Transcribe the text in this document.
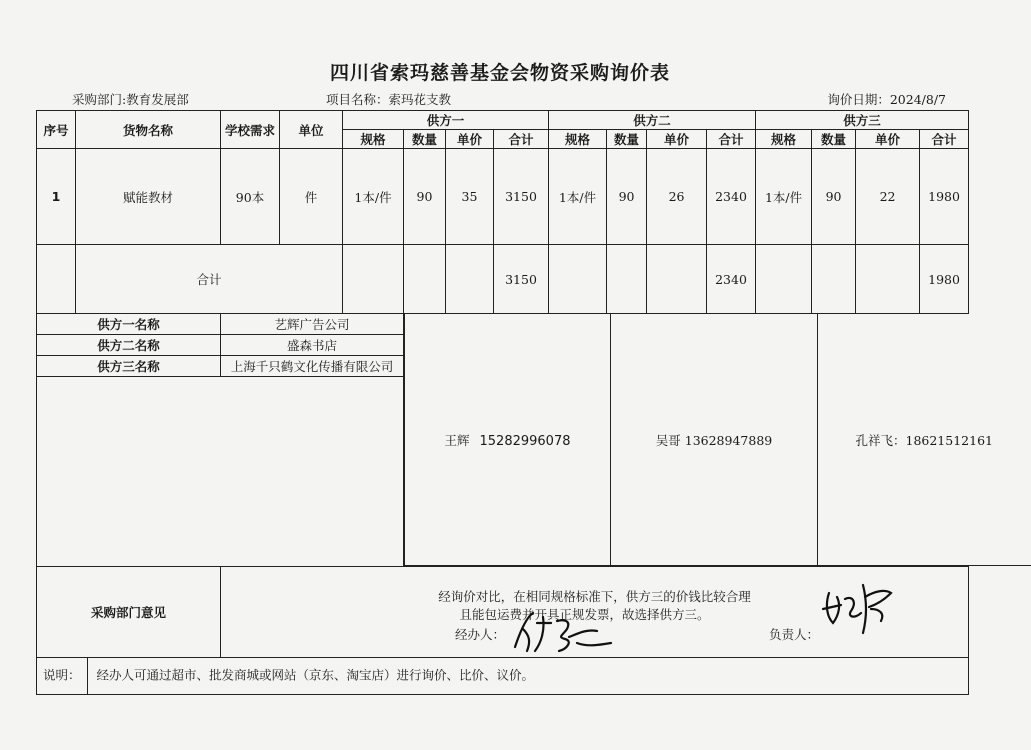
四川省索玛慈善基金会物资采购询价表
采购部门:教育发展部	项目名称：索玛花支教	询价日期：2024/8/7
序号	货物名称	学校需求	单位	供方一	供方二	供方三
规格	数量	单价	合计	规格	数量	单价	合计	规格	数量	单价	合计
1	赋能教材	90本	件	1本/件	90	35	3150	1本/件	90	26	2340	1本/件	90	22	1980
	合计				3150				2340				1980
供方一名称	艺辉广告公司	
王辉 15282996078	吴哥 13628947889	孔祥飞：18621512161

供方二名称	盛森书店
供方三名称	上海千只鹤文化传播有限公司

采购部门意见	
经询价对比，在相同规格标准下，供方三的价钱比较合理
且能包运费并开具正规发票，故选择供方三。
经办人：	负责人：

说明： 经办人可通过超市、批发商城或网站（京东、淘宝店）进行询价、比价、议价。
